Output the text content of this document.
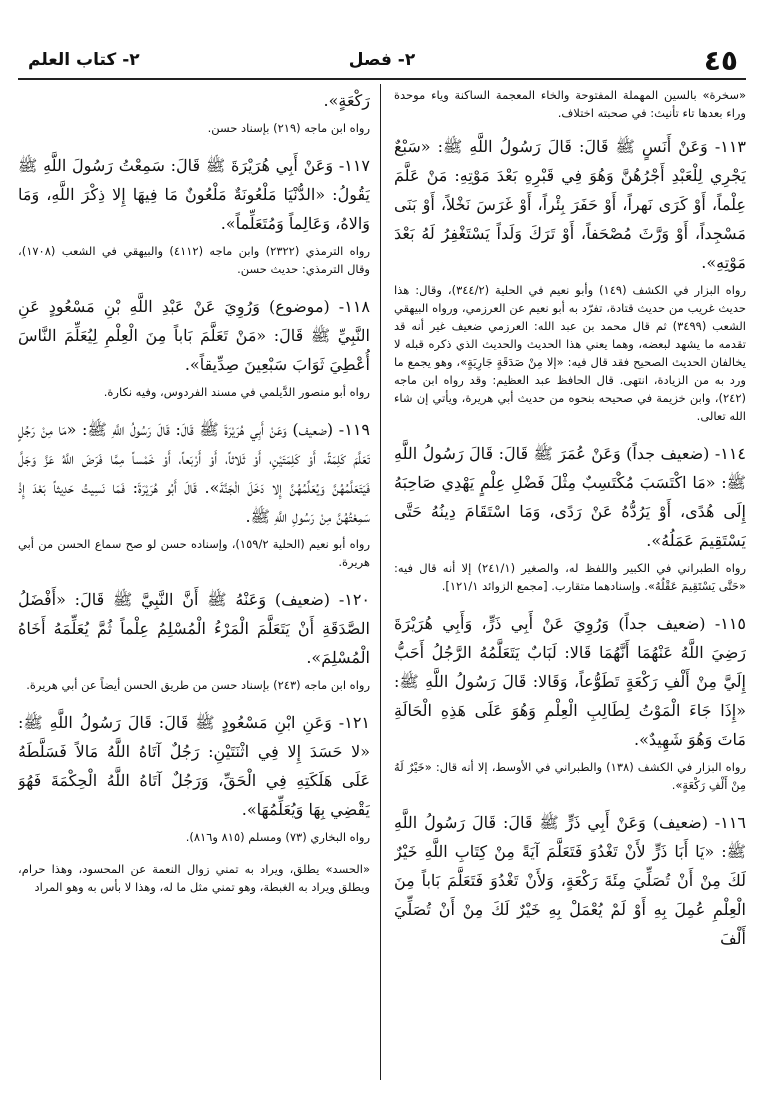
٤٥
٢- فصل
٢- كتاب العلم

«سخرة» بالسين المهملة المفتوحة والخاء المعجمة الساكنة وياء موحدة وراء بعدها تاء تأنيث: في صحبته اختلاف.

١١٣- وَعَنْ أَنَسٍ ﷺ قَالَ: قَالَ رَسُولُ اللَّهِ ﷺ: «سَبْعٌ يَجْرِي لِلْعَبْدِ أَجْرُهُنَّ وَهُوَ فِي قَبْرِهِ بَعْدَ مَوْتِهِ: مَنْ عَلَّمَ عِلْماً، أَوْ كَرَى نَهراً، أَوْ حَفَرَ بِئْراً، أَوْ غَرَسَ نَخْلاً، أَوْ بَنَى مَسْجِداً، أَوْ وَرَّثَ مُصْحَفاً، أَوْ تَرَكَ وَلَداً يَسْتَغْفِرُ لَهُ بَعْدَ مَوْتِهِ».

رواه البزار في الكشف (١٤٩) وأبو نعيم في الحلية (٣٤٤/٢)، وقال: هذا حديث غريب من حديث قتادة، تفرّد به أبو نعيم عن العرزمي، ورواه البيهقي الشعب (٣٤٩٩) ثم قال محمد بن عبد الله: العرزمي ضعيف غير أنه قد تقدمه ما يشهد لبعضه، وهما يعني هذا الحديث والحديث الذي ذكره قبله لا يخالفان الحديث الصحيح فقد قال فيه: «إلا مِنْ صَدَقَةٍ جَارِيَةٍ»، وهو يجمع ما ورد به من الزيادة، انتهى. قال الحافظ عبد العظيم: وقد رواه ابن ماجه (٢٤٢)، وابن خزيمة في صحيحه بنحوه من حديث أبي هريرة، ويأتي إن شاء الله تعالى.

١١٤- (ضعيف جداً) وَعَنْ عُمَرَ ﷺ قَالَ: قَالَ رَسُولُ اللَّهِ ﷺ: «مَا اكْتَسَبَ مُكْتَسِبٌ مِثْلَ فَضْلِ عِلْمٍ يَهْدِي صَاحِبَهُ إِلَى هُدًى، أَوْ يَرُدُّهُ عَنْ رَدًى، وَمَا اسْتَقَامَ دِينُهُ حَتَّى يَسْتَقِيمَ عَمَلُهُ».

رواه الطبراني في الكبير واللفظ له، والصغير (٢٤١/١) إلا أنه قال فيه: «حَتَّى يَسْتَقِيمَ عَقْلُهُ». وإسنادهما متقارب. [مجمع الزوائد ١٢١/١].

١١٥- (ضعيف جداً) وَرُوِيَ عَنْ أَبِي ذَرٍّ، وَأَبِي هُرَيْرَةَ رَضِيَ اللَّهُ عَنْهُمَا أَنَّهُمَا قَالا: لَبَابٌ يَتَعَلَّمُهُ الرَّجُلُ أَحَبُّ إِلَيَّ مِنْ أَلْفِ رَكْعَةٍ تَطَوُّعاً، وَقَالا: قَالَ رَسُولُ اللَّهِ ﷺ: «إِذَا جَاءَ الْمَوْتُ لِطَالِبِ الْعِلْمِ وَهُوَ عَلَى هَذِهِ الْحَالَةِ مَاتَ وَهُوَ شَهِيدٌ».

رواه البزار في الكشف (١٣٨) والطبراني في الأوسط، إلا أنه قال: «خَيْرٌ لَهُ مِنْ أَلْفِ رَكْعَةٍ».

١١٦- (ضعيف) وَعَنْ أَبِي ذَرٍّ ﷺ قَالَ: قَالَ رَسُولُ اللَّهِ ﷺ: «يَا أَبَا ذَرٍّ لأَنْ تَغْدُوَ فَتَعَلَّمَ آيَةً مِنْ كِتَابِ اللَّهِ خَيْرٌ لَكَ مِنْ أَنْ تُصَلِّيَ مِئَةَ رَكْعَةٍ، وَلأَنْ تَغْدُوَ فَتَعَلَّمَ بَاباً مِنَ الْعِلْمِ عُمِلَ بِهِ أَوْ لَمْ يُعْمَلْ بِهِ خَيْرٌ لَكَ مِنْ أَنْ تُصَلِّيَ أَلْفَ

رَكْعَةٍ».

رواه ابن ماجه (٢١٩) بإسناد حسن.

١١٧- وَعَنْ أَبِي هُرَيْرَةَ ﷺ قَالَ: سَمِعْتُ رَسُولَ اللَّهِ ﷺ يَقُولُ: «الدُّنْيَا مَلْعُونَةٌ مَلْعُونٌ مَا فِيهَا إِلا ذِكْرَ اللَّهِ، وَمَا وَالاهُ، وَعَالِماً وَمُتَعَلِّماً».

رواه الترمذي (٢٣٢٢) وابن ماجه (٤١١٢) والبيهقي في الشعب (١٧٠٨)، وقال الترمذي: حديث حسن.

١١٨- (موضوع) وَرُوِيَ عَنْ عَبْدِ اللَّهِ بْنِ مَسْعُودٍ عَنِ النَّبِيِّ ﷺ قَالَ: «مَنْ تَعَلَّمَ بَاباً مِنَ الْعِلْمِ لِيُعَلِّمَ النَّاسَ أُعْطِيَ ثَوَابَ سَبْعِينَ صِدِّيقاً».

رواه أبو منصور الدَّيلمي في مسند الفردوس، وفيه نكارة.

١١٩- (ضعيف) وَعَنْ أَبِي هُرَيْرَةَ ﷺ قَالَ: قَالَ رَسُولُ اللَّهِ ﷺ: «مَا مِنْ رَجُلٍ تَعَلَّمَ كَلِمَةً، أَوْ كَلِمَتَيْنِ، أَوْ ثَلاثاً، أَوْ أَرْبَعاً، أَوْ خَمْساً مِمَّا فَرَضَ اللَّهُ عَزَّ وَجَلَّ فَيَتَعَلَّمُهُنَّ وَيُعَلِّمُهُنَّ إِلا دَخَلَ الْجَنَّةَ». قَالَ أَبُو هُرَيْرَةَ: فَمَا نَسِيتُ حَدِيثاً بَعْدَ إِذْ سَمِعْتُهُنَّ مِنْ رَسُولِ اللَّهِ ﷺ.

رواه أبو نعيم (الحلية ١٥٩/٢)، وإسناده حسن لو صح سماع الحسن من أبي هريرة.

١٢٠- (ضعيف) وَعَنْهُ ﷺ أَنَّ النَّبِيَّ ﷺ قَالَ: «أَفْضَلُ الصَّدَقَةِ أَنْ يَتَعَلَّمَ الْمَرْءُ الْمُسْلِمُ عِلْماً ثُمَّ يُعَلِّمَهُ أَخَاهُ الْمُسْلِمَ».

رواه ابن ماجه (٢٤٣) بإسناد حسن من طريق الحسن أيضاً عن أبي هريرة.

١٢١- وَعَنِ ابْنِ مَسْعُودٍ ﷺ قَالَ: قَالَ رَسُولُ اللَّهِ ﷺ: «لا حَسَدَ إِلا فِي اثْنَتَيْنِ: رَجُلٌ آتَاهُ اللَّهُ مَالاً فَسَلَّطَهُ عَلَى هَلَكَتِهِ فِي الْحَقِّ، وَرَجُلٌ آتَاهُ اللَّهُ الْحِكْمَةَ فَهُوَ يَقْضِي بِهَا وَيُعَلِّمُهَا».

رواه البخاري (٧٣) ومسلم (٨١٥ و٨١٦).

«الحسد» يطلق، ويراد به تمني زوال النعمة عن المحسود، وهذا حرام، ويطلق ويراد به الغبطة، وهو تمني مثل ما له، وهذا لا بأس به وهو المراد
